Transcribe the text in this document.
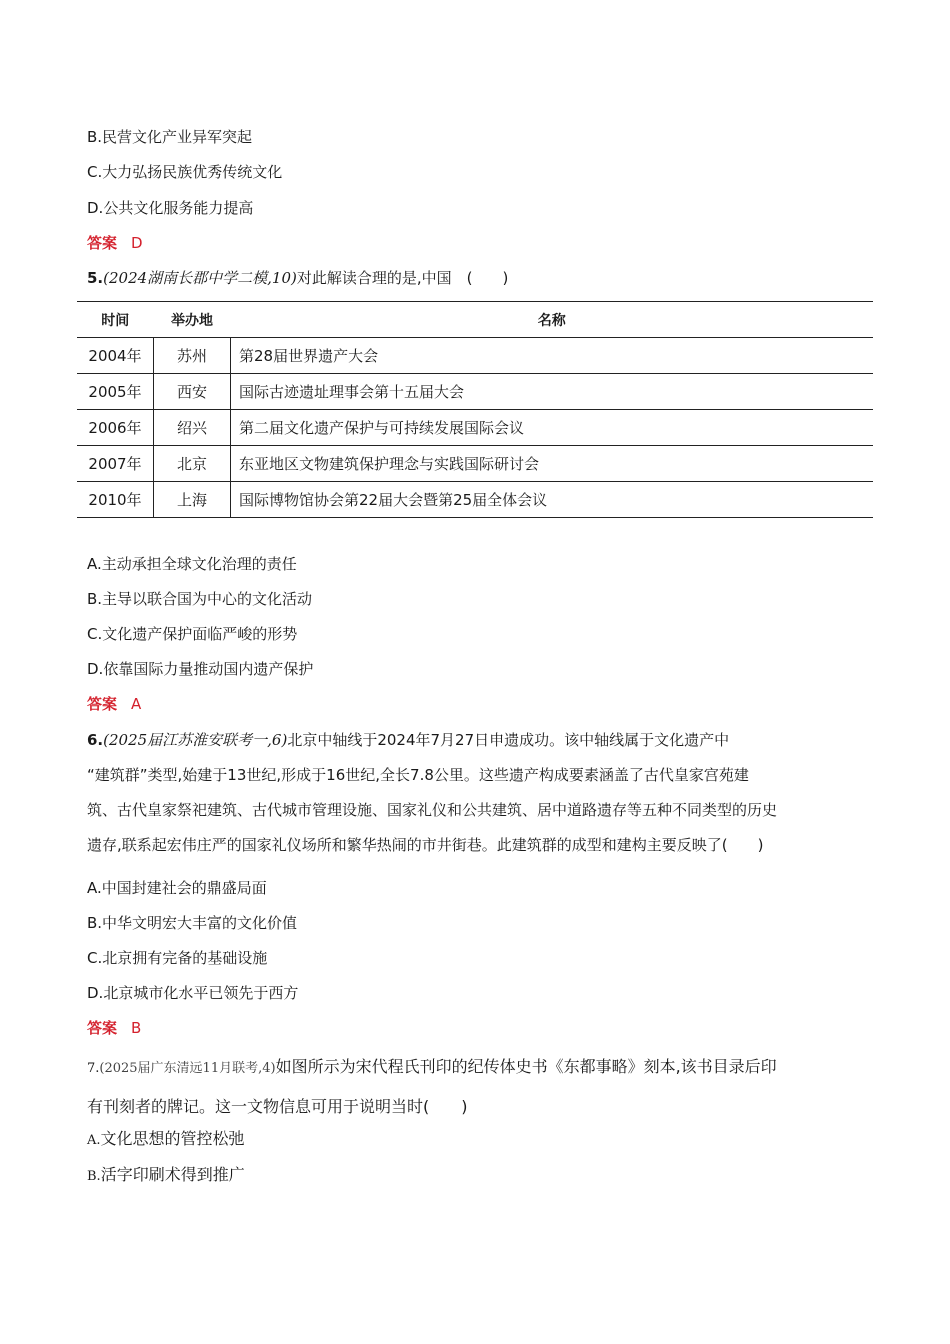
B.民营文化产业异军突起
C.大力弘扬民族优秀传统文化
D.公共文化服务能力提高
答案 D
5.(2024湖南长郡中学二模,10)对此解读合理的是,中国　(　　)
时间	举办地	名称
2004年	苏州	第28届世界遗产大会
2005年	西安	国际古迹遗址理事会第十五届大会
2006年	绍兴	第二届文化遗产保护与可持续发展国际会议
2007年	北京	东亚地区文物建筑保护理念与实践国际研讨会
2010年	上海	国际博物馆协会第22届大会暨第25届全体会议
A.主动承担全球文化治理的责任
B.主导以联合国为中心的文化活动
C.文化遗产保护面临严峻的形势
D.依靠国际力量推动国内遗产保护
答案 A

6.(2025届江苏淮安联考一,6)北京中轴线于2024年7月27日申遗成功。该中轴线属于文化遗产中

“建筑群”类型,始建于13世纪,形成于16世纪,全长7.8公里。这些遗产构成要素涵盖了古代皇家宫苑建

筑、古代皇家祭祀建筑、古代城市管理设施、国家礼仪和公共建筑、居中道路遗存等五种不同类型的历史

遗存,联系起宏伟庄严的国家礼仪场所和繁华热闹的市井街巷。此建筑群的成型和建构主要反映了(　　)

A.中国封建社会的鼎盛局面
B.中华文明宏大丰富的文化价值
C.北京拥有完备的基础设施
D.北京城市化水平已领先于西方
答案 B

7.(2025届广东清远11月联考,4)如图所示为宋代程氏刊印的纪传体史书《东都事略》刻本,该书目录后印

有刊刻者的牌记。这一文物信息可用于说明当时(　　)

A.文化思想的管控松弛
B.活字印刷术得到推广
